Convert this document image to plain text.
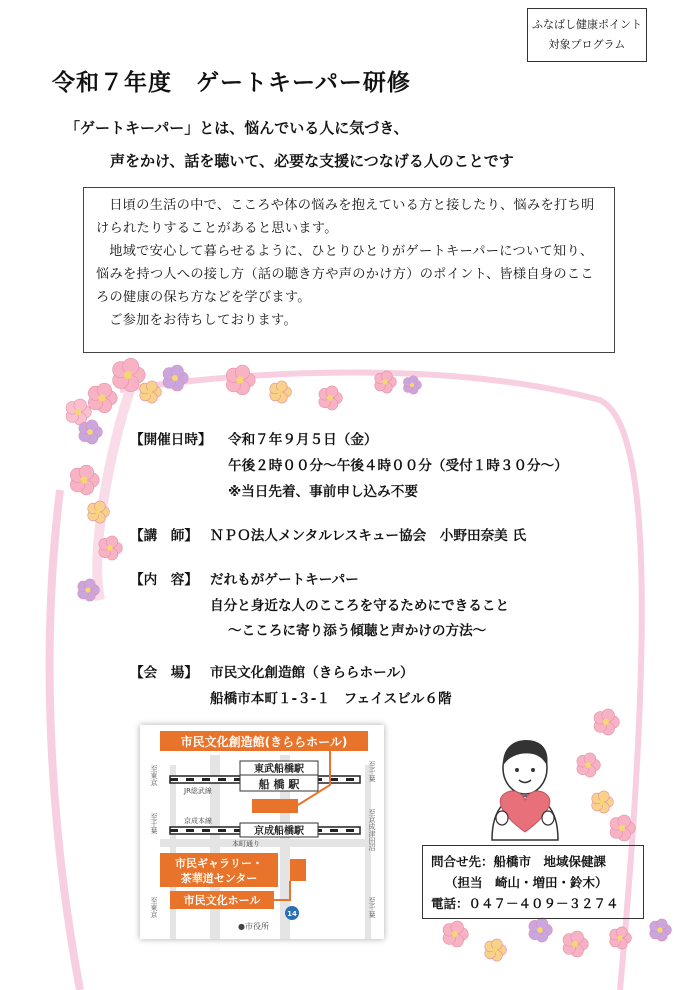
ふなばし健康ポイント
対象プログラム
令和７年度　ゲートキーパー研修
「ゲートキーパー」とは、悩んでいる人に気づき、
声をかけ、話を聴いて、必要な支援につなげる人のことです

日頃の生活の中で、こころや体の悩みを抱えている方と接したり、悩みを打ち明けられたりすることがあると思います。

地域で安心して暮らせるように、ひとりひとりがゲートキーパーについて知り、悩みを持つ人への接し方（話の聴き方や声のかけ方）のポイント、皆様自身のこころの健康の保ち方などを学びます。

ご参加をお待ちしております。

【開催日時】 令和７年９月５日（金）
午後２時００分～午後４時００分（受付１時３０分～）
※当日先着、事前申し込み不要
【講　師】 ＮＰＯ法人メンタルレスキュー協会　小野田奈美 氏
【内　容】 だれもがゲートキーパー
自分と身近な人のこころを守るためにできること
～こころに寄り添う傾聴と声かけの方法～
【会　場】 市民文化創造館（きららホール）
船橋市本町１-３-１　フェイスビル６階
市民文化創造館(きららホール)
東武船橋駅
船 橋 駅
JR総武線
京成本線
京成船橋駅
本町通り
市民ギャラリー・
茶華道センター
市民文化ホール
14
●市役所
至東京
至千葉
至東京
至千葉
至京成津田沼
至千葉
問合せ先：船橋市　地域保健課
（担当　崎山・増田・鈴木）
電話：０４７－４０９－３２７４
